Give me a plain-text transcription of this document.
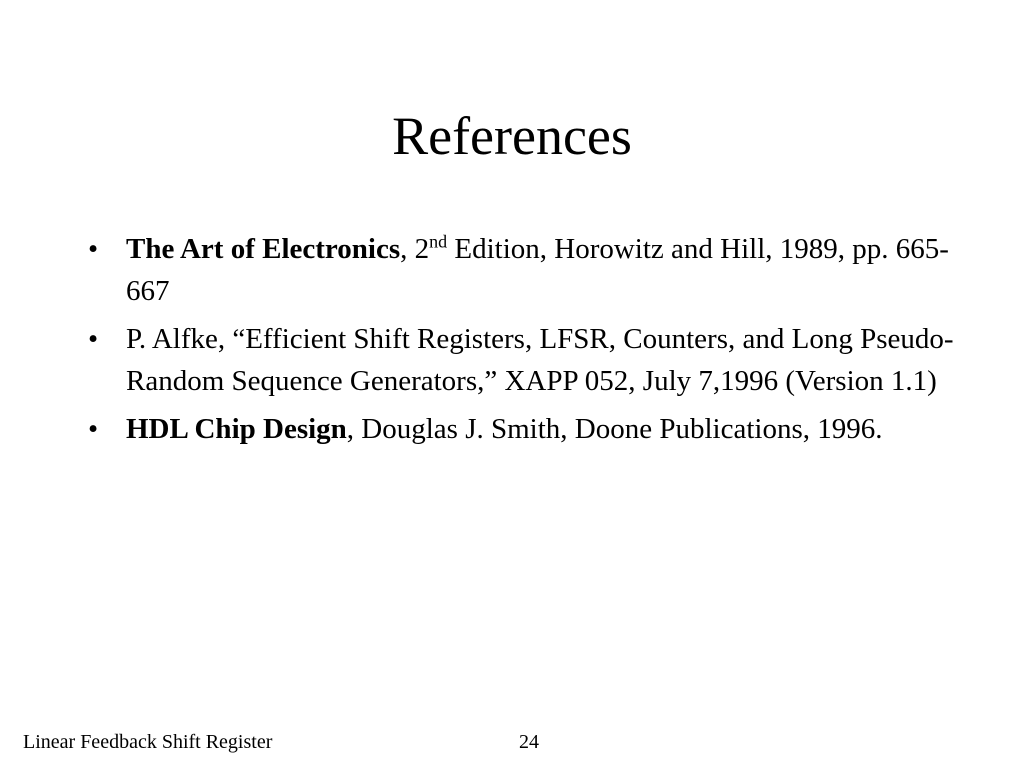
References
• The Art of Electronics, 2nd Edition, Horowitz and Hill, 1989, pp. 665-667
• P. Alfke, “Efficient Shift Registers, LFSR, Counters, and Long Pseudo-Random Sequence Generators,” XAPP 052, July 7,1996 (Version 1.1)
• HDL Chip Design, Douglas J. Smith, Doone Publications, 1996.
Linear Feedback Shift Register	24
